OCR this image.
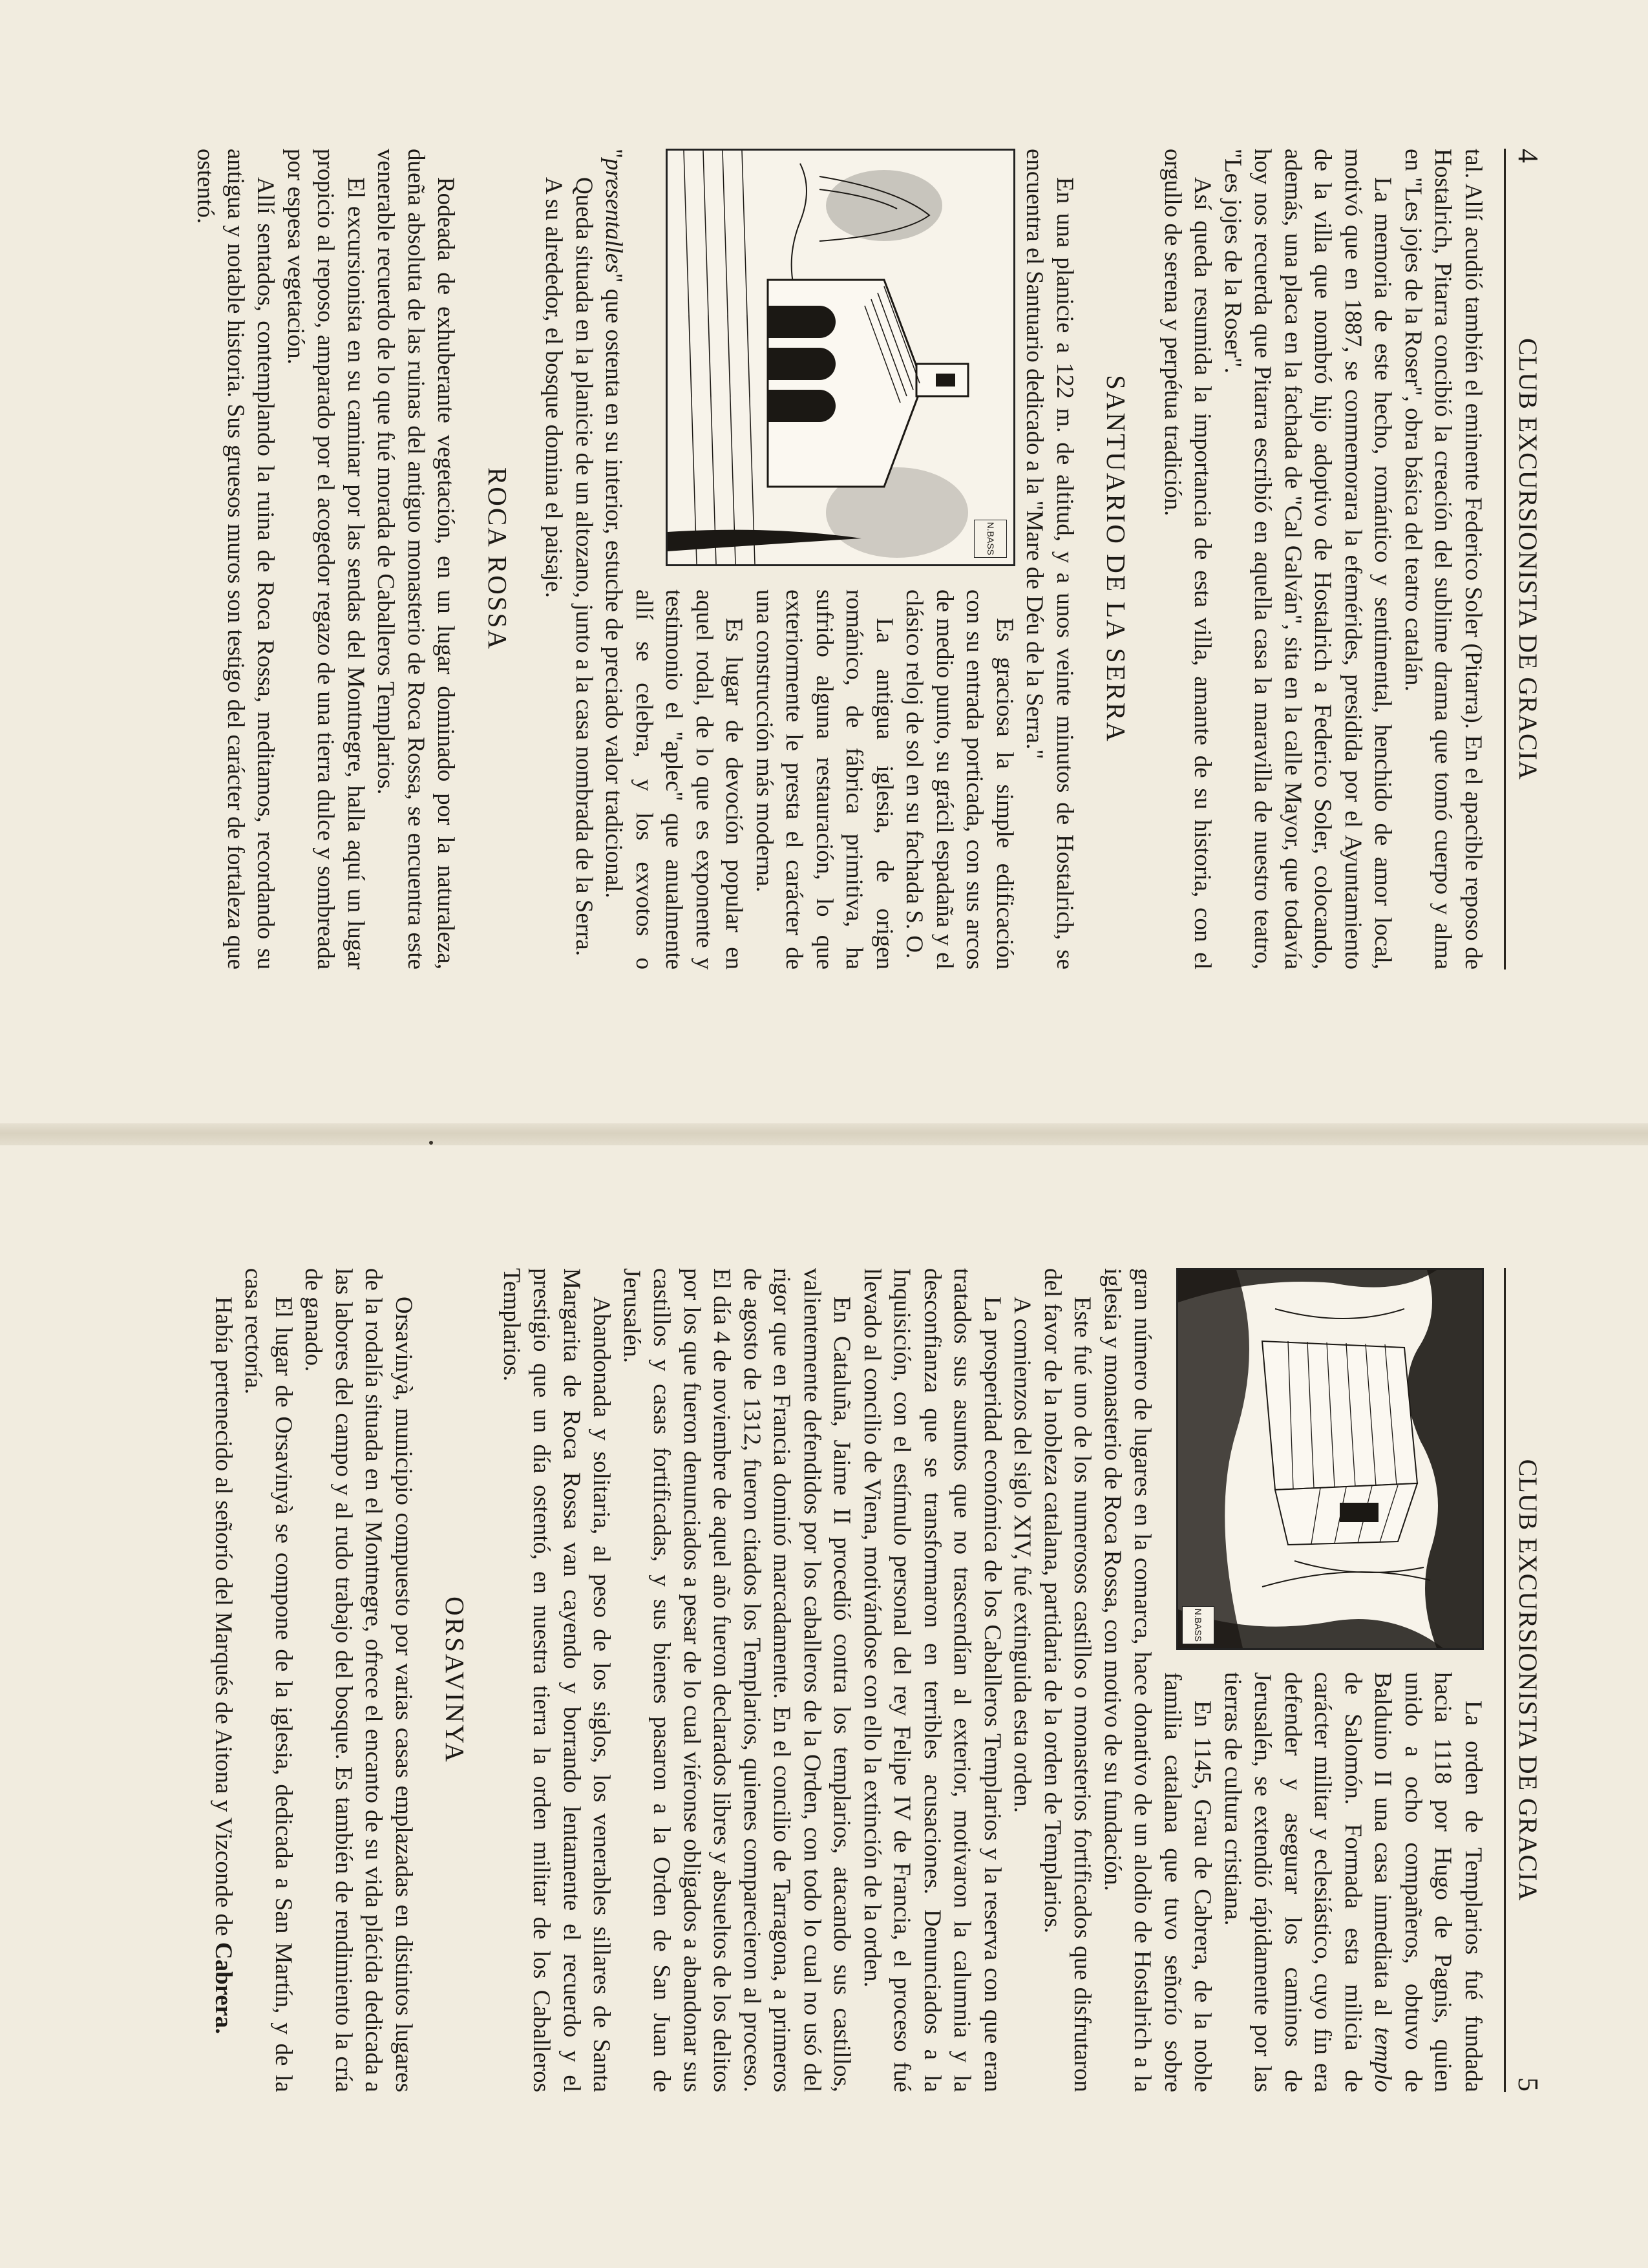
4
CLUB EXCURSIONISTA DE GRACIA

tal. Allí acudió también el eminente Federico Soler (Pitarra). En el apacible reposo de Hostalrich, Pitarra concibió la creación del sublime drama que tomó cuerpo y alma en "Les jojes de la Roser", obra básica del teatro catalán.

La memoria de este hecho, romántico y sentimental, henchido de amor local, motivó que en 1887, se conmemorara la efemérides, presidida por el Ayuntamiento de la villa que nombró hijo adoptivo de Hostalrich a Federico Soler, colocando, además, una placa en la fachada de "Cal Galván", sita en la calle Mayor, que todavía hoy nos recuerda que Pitarra escribió en aquella casa la maravilla de nuestro teatro, "Les jojes de la Roser".

Así queda resumida la importancia de esta villa, amante de su historia, con el orgullo de serena y perpétua tradición.

SANTUARIO DE LA SERRA

En una planicie a 122 m. de altitud, y a unos veinte minutos de Hostalrich, se encuentra el Santuario dedicado a la "Mare de Déu de la Serra."

N.BASS

Es graciosa la simple edificación con su entrada porticada, con sus arcos de medio punto, su grácil espadaña y el clásico reloj de sol en su fachada S. O.

La antigua iglesia, de origen románico, de fábrica primitiva, ha sufrido alguna restauración, lo que exteriormente le presta el carácter de una construcción más moderna.

Es lugar de devoción popular en aquel rodal, de lo que es exponente y testimonio el "aplec" que anualmente allí se celebra, y los exvotos o "presentalles" que ostenta en su interior, estuche de preciado valor tradicional.

Queda situada en la planicie de un altozano, junto a la casa nombrada de la Serra.

A su alrededor, el bosque domina el paisaje.

ROCA ROSSA

Rodeada de exhuberante vegetación, en un lugar dominado por la naturaleza, dueña absoluta de las ruinas del antiguo monasterio de Roca Rossa, se encuentra este venerable recuerdo de lo que fué morada de Caballeros Templarios.

El excursionista en su caminar por las sendas del Montnegre, halla aquí un lugar propicio al reposo, amparado por el acogedor regazo de una tierra dulce y sombreada por espesa vegetación.

Allí sentados, contemplando la ruina de Roca Rossa, meditamos, recordando su antigua y notable historia. Sus gruesos muros son testigo del carácter de fortaleza que ostentó.

CLUB EXCURSIONISTA DE GRACIA
5
N.BASS

La orden de Templarios fué fundada hacia 1118 por Hugo de Pagnis, quien unido a ocho compañeros, obtuvo de Balduino II una casa inmediata al templo de Salomón. Formada esta milicia de carácter militar y eclesiástico, cuyo fin era defender y asegurar los caminos de Jerusalén, se extendió rápidamente por las tierras de cultura cristiana.

En 1145, Grau de Cabrera, de la noble familia catalana que tuvo señorío sobre gran número de lugares en la comarca, hace donativo de un alodio de Hostalrich a la iglesia y monasterio de Roca Rossa, con motivo de su fundación.

Este fué uno de los numerosos castillos o monasterios fortificados que disfrutaron del favor de la nobleza catalana, partidaria de la orden de Templarios.

A comienzos del siglo XIV, fué extinguida esta orden.

La prosperidad económica de los Caballeros Templarios y la reserva con que eran tratados sus asuntos que no trascendían al exterior, motivaron la calumnia y la desconfianza que se transformaron en terribles acusaciones. Denunciados a la Inquisición, con el estímulo personal del rey Felipe IV de Francia, el proceso fué llevado al concilio de Viena, motivándose con ello la extinción de la orden.

En Cataluña, Jaime II procedió contra los templarios, atacando sus castillos, valientemente defendidos por los caballeros de la Orden, con todo lo cual no usó del rigor que en Francia dominó marcadamente. En el concilio de Tarragona, a primeros de agosto de 1312, fueron citados los Templarios, quienes comparecieron al proceso. El día 4 de noviembre de aquel año fueron declarados libres y absueltos de los delitos por los que fueron denunciados a pesar de lo cual viéronse obligados a abandonar sus castillos y casas fortificadas, y sus bienes pasaron a la Orden de San Juan de Jerusalén.

Abandonada y solitaria, al peso de los siglos, los venerables sillares de Santa Margarita de Roca Rossa van cayendo y borrando lentamente el recuerdo y el prestigio que un día ostentó, en nuestra tierra la orden militar de los Caballeros Templarios.

ORSAVINYA

Orsavinyà, municipio compuesto por varias casas emplazadas en distintos lugares de la rodalía situada en el Montnegre, ofrece el encanto de su vida plácida dedicada a las labores del campo y al rudo trabajo del bosque. Es también de rendimiento la cría de ganado.

El lugar de Orsavinyà se compone de la iglesia, dedicada a San Martín, y de la casa rectoría.

Había pertenecido al señorío del Marqués de Aitona y Vizconde de Cabrera.
